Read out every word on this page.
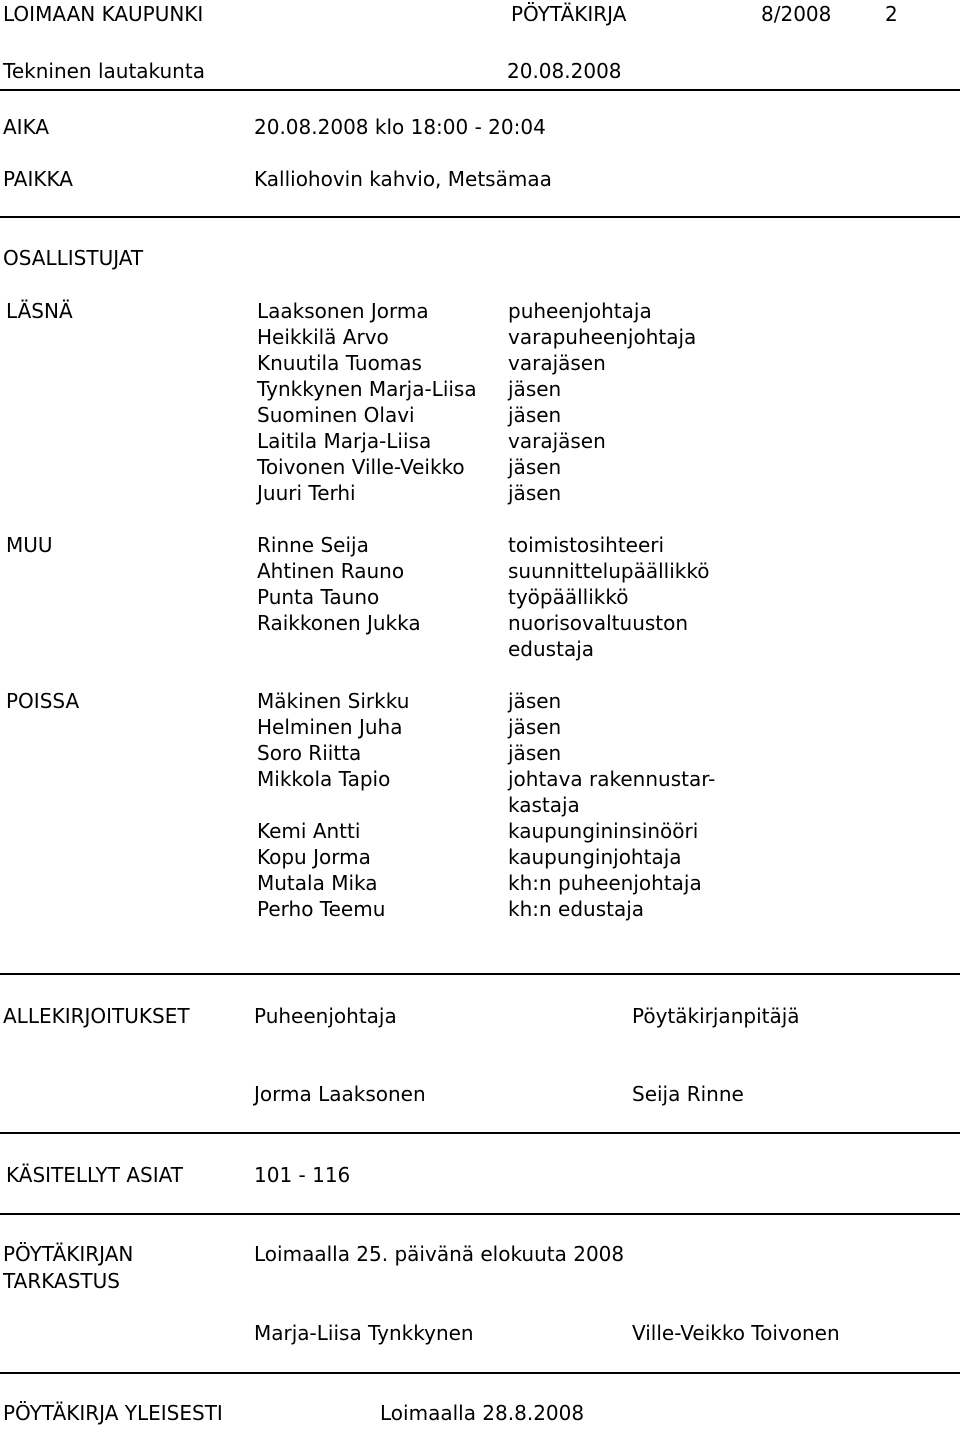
LOIMAAN KAUPUNKI	PÖYTÄKIRJA	8/2008	2
Tekninen lautakunta	20.08.2008
AIKA	20.08.2008 klo 18:00 - 20:04
PAIKKA	Kalliohovin kahvio, Metsämaa
OSALLISTUJAT
LÄSNÄ	Laaksonen Jorma	puheenjohtaja
Heikkilä Arvo	varapuheenjohtaja
Knuutila Tuomas	varajäsen
Tynkkynen Marja-Liisa jäsen
Suominen Olavi	jäsen
Laitila Marja-Liisa	varajäsen
Toivonen Ville-Veikko jäsen
Juuri Terhi	jäsen
MUU	Rinne Seija	toimistosihteeri
Ahtinen Rauno	suunnittelupäällikkö
Punta Tauno	työpäällikkö
Raikkonen Jukka	nuorisovaltuuston
edustaja
POISSA	Mäkinen Sirkku	jäsen
Helminen Juha	jäsen
Soro Riitta	jäsen
Mikkola Tapio	johtava rakennustar-
kastaja
Kemi Antti	kaupungininsinööri
Kopu Jorma	kaupunginjohtaja
Mutala Mika	kh:n puheenjohtaja
Perho Teemu	kh:n edustaja
ALLEKIRJOITUKSET	Puheenjohtaja	Pöytäkirjanpitäjä
Jorma Laaksonen	Seija Rinne
KÄSITELLYT ASIAT	101 - 116
PÖYTÄKIRJAN
TARKASTUS
Loimaalla 25. päivänä elokuuta 2008
Marja-Liisa Tynkkynen	Ville-Veikko Toivonen
PÖYTÄKIRJA YLEISESTI	Loimaalla 28.8.2008
